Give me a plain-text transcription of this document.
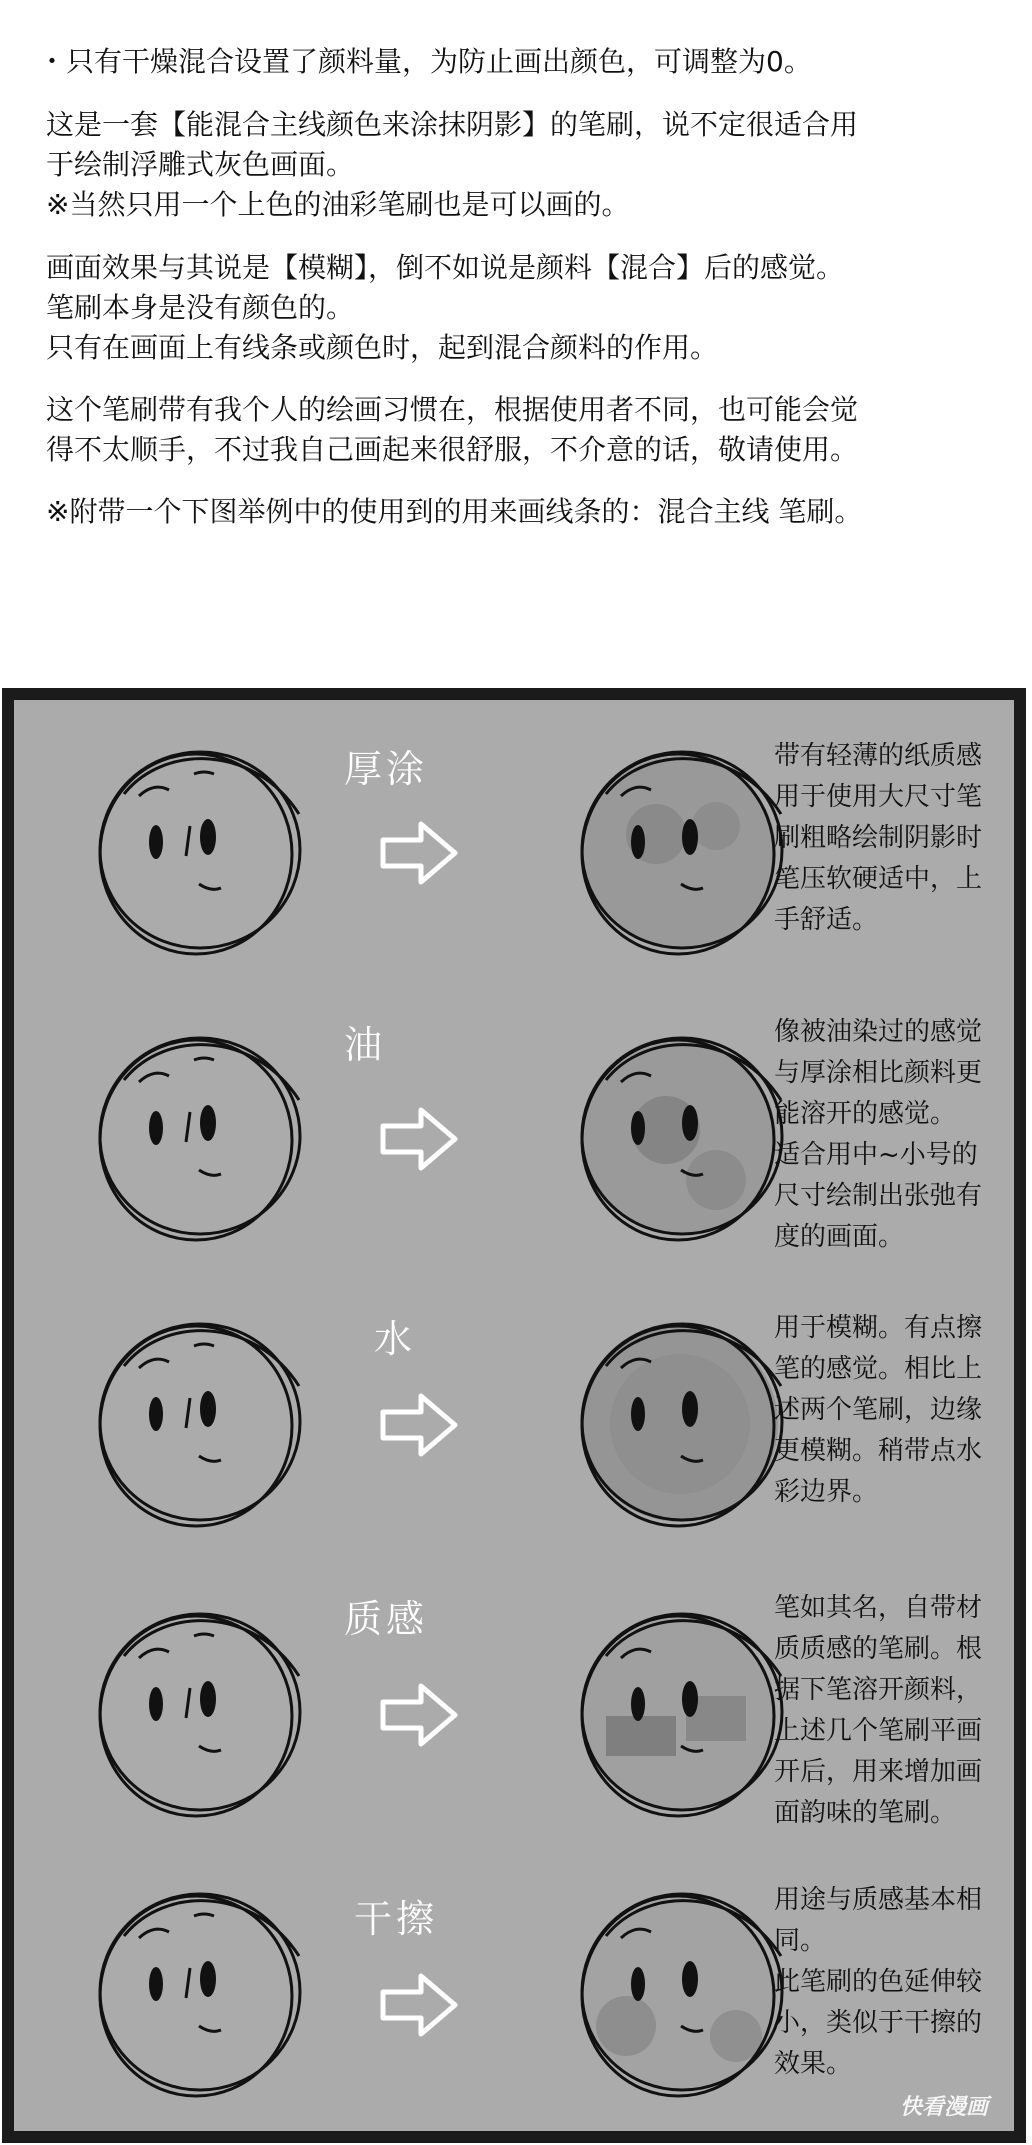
・只有干燥混合设置了颜料量，为防止画出颜色，可调整为0。

这是一套【能混合主线颜色来涂抹阴影】的笔刷，说不定很适合用

于绘制浮雕式灰色画面。

※当然只用一个上色的油彩笔刷也是可以画的。

画面效果与其说是【模糊】，倒不如说是颜料【混合】后的感觉。

笔刷本身是没有颜色的。

只有在画面上有线条或颜色时，起到混合颜料的作用。

这个笔刷带有我个人的绘画习惯在，根据使用者不同，也可能会觉

得不太顺手，不过我自己画起来很舒服，不介意的话，敬请使用。

※附带一个下图举例中的使用到的用来画线条的：混合主线 笔刷。

厚涂	带有轻薄的纸质感
用于使用大尺寸笔
刷粗略绘制阴影时
笔压软硬适中，上
手舒适。
油	像被油染过的感觉
与厚涂相比颜料更
能溶开的感觉。
适合用中~小号的
尺寸绘制出张弛有
度的画面。
水	用于模糊。有点擦
笔的感觉。相比上
述两个笔刷，边缘
更模糊。稍带点水
彩边界。
质感	笔如其名，自带材
质质感的笔刷。根
据下笔溶开颜料，
上述几个笔刷平画
开后，用来增加画
面韵味的笔刷。
干擦	用途与质感基本相
同。
此笔刷的色延伸较
小，类似于干擦的
效果。
快看漫画
